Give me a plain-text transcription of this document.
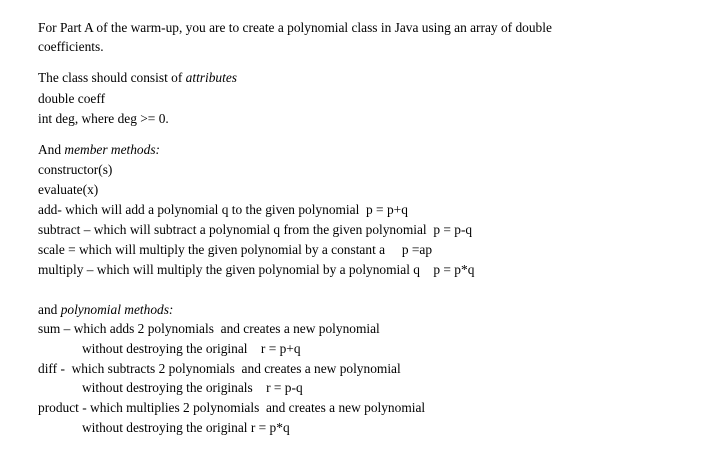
For Part A of the warm-up, you are to create a polynomial class in Java using an array of double
coefficients.
The class should consist of attributes
double coeff
int deg, where deg >= 0.
And member methods:
constructor(s)
evaluate(x)
add- which will add a polynomial q to the given polynomial  p = p+q
subtract – which will subtract a polynomial q from the given polynomial  p = p-q
scale = which will multiply the given polynomial by a constant a     p =ap
multiply – which will multiply the given polynomial by a polynomial q    p = p*q
and polynomial methods:
sum – which adds 2 polynomials  and creates a new polynomial
without destroying the original    r = p+q
diff -  which subtracts 2 polynomials  and creates a new polynomial
without destroying the originals    r = p-q
product - which multiplies 2 polynomials  and creates a new polynomial
without destroying the original r = p*q
